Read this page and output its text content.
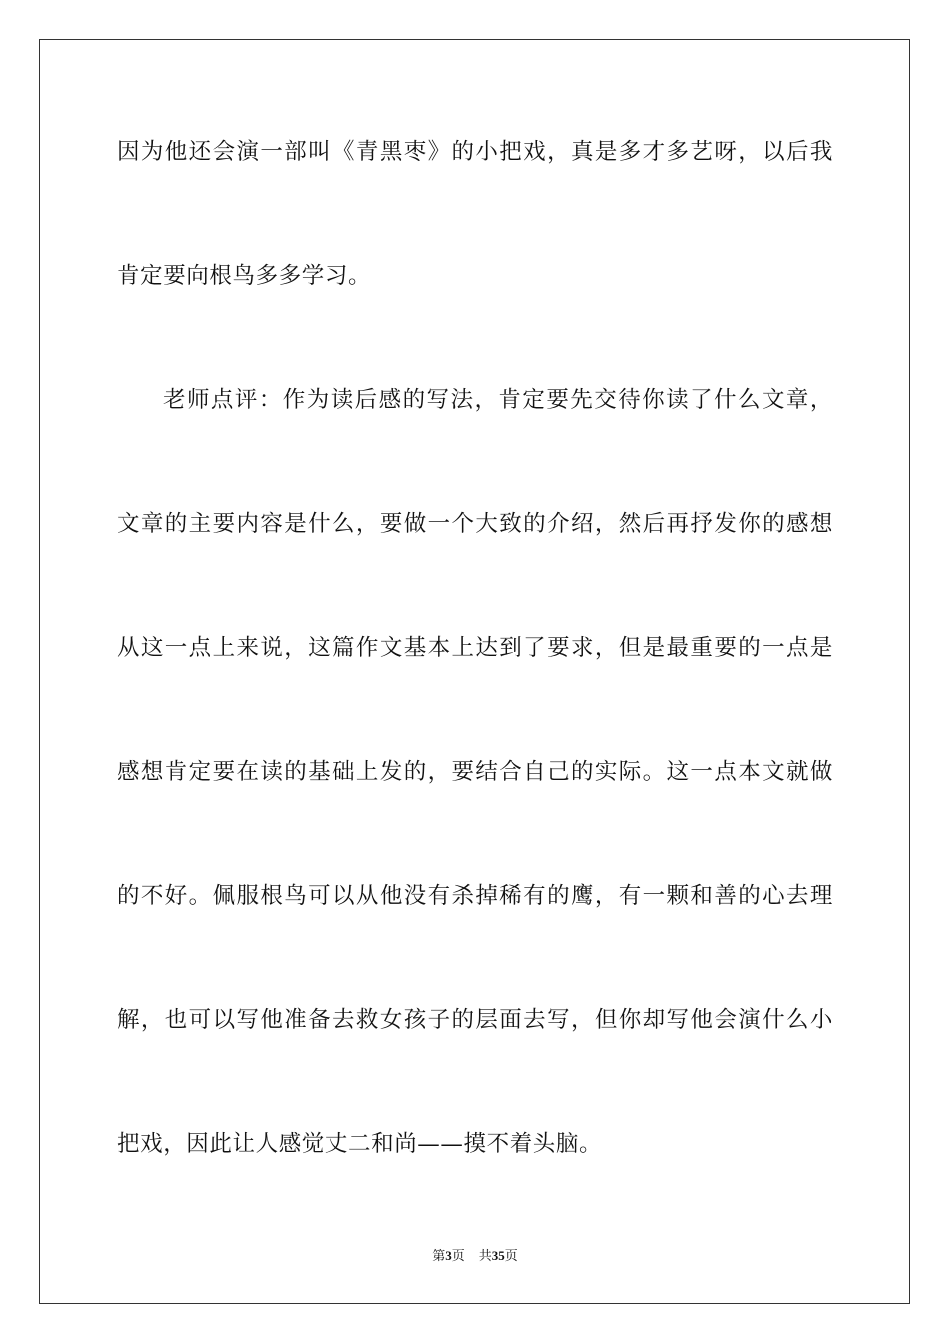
因为他还会演一部叫《青黑枣》的小把戏，真是多才多艺呀，以后我
肯定要向根鸟多多学习。
老师点评：作为读后感的写法，肯定要先交待你读了什么文章，
文章的主要内容是什么，要做一个大致的介绍，然后再抒发你的感想
从这一点上来说，这篇作文基本上达到了要求，但是最重要的一点是
感想肯定要在读的基础上发的，要结合自己的实际。这一点本文就做
的不好。佩服根鸟可以从他没有杀掉稀有的鹰，有一颗和善的心去理
解，也可以写他准备去救女孩子的层面去写，但你却写他会演什么小
把戏，因此让人感觉丈二和尚——摸不着头脑。
第3页 共35页
